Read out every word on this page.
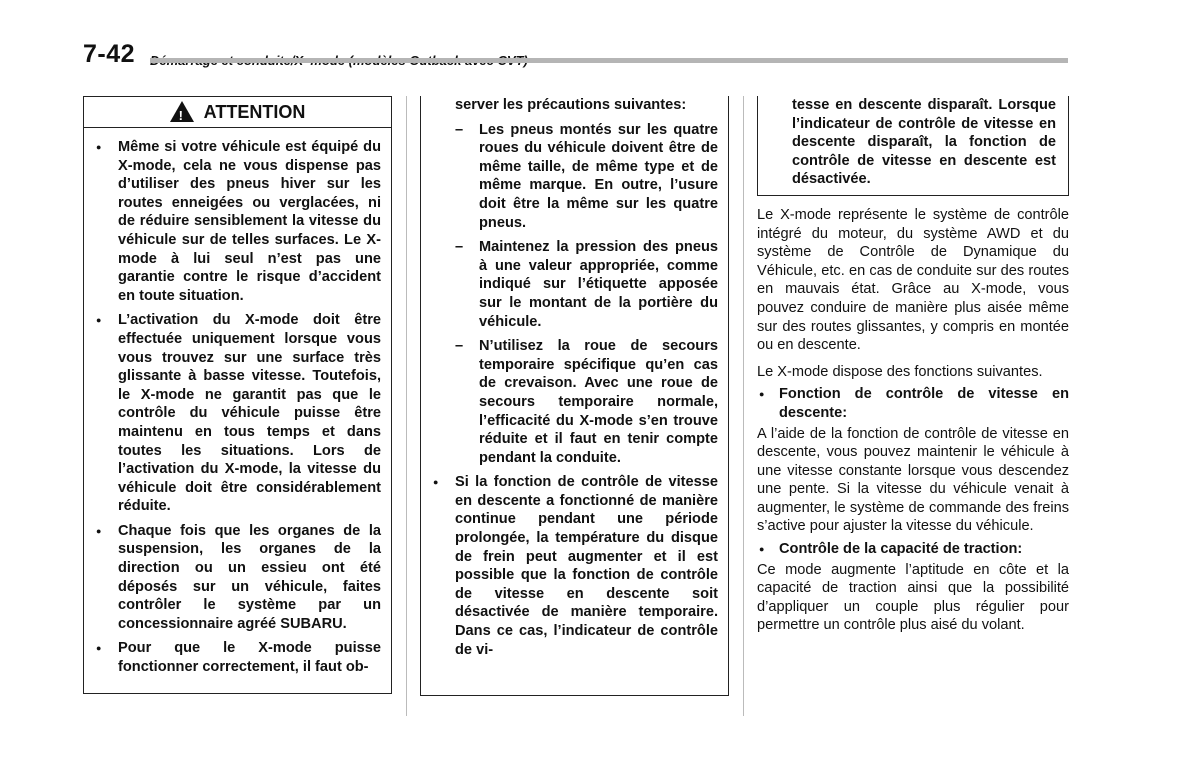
7-42
! ATTENTION

● Même si votre véhicule est équipé du X-mode, cela ne vous dispense pas d’utiliser des pneus hiver sur les routes enneigées ou verglacées, ni de réduire sensiblement la vitesse du véhicule sur de telles surfaces. Le X-mode à lui seul n’est pas une garantie contre le risque d’accident en toute situation.

● L’activation du X-mode doit être effectuée uniquement lorsque vous vous trouvez sur une surface très glissante à basse vitesse. Toutefois, le X-mode ne garantit pas que le contrôle du véhicule puisse être maintenu en tous temps et dans toutes les situations. Lors de l’activation du X-mode, la vitesse du véhicule doit être considérablement réduite.

● Chaque fois que les organes de la suspension, les organes de la direction ou un essieu ont été déposés sur un véhicule, faites contrôler le système par un concessionnaire agréé SUBARU.

● Pour que le X-mode puisse fonctionner correctement, il faut ob-

server les précautions suivantes:

– Les pneus montés sur les quatre roues du véhicule doivent être de même taille, de même type et de même marque. En outre, l’usure doit être la même sur les quatre pneus.

– Maintenez la pression des pneus à une valeur appropriée, comme indiqué sur l’étiquette apposée sur le montant de la portière du véhicule.

– N’utilisez la roue de secours temporaire spécifique qu’en cas de crevaison. Avec une roue de secours temporaire normale, l’efficacité du X-mode s’en trouve réduite et il faut en tenir compte pendant la conduite.

● Si la fonction de contrôle de vitesse en descente a fonctionné de manière continue pendant une période prolongée, la température du disque de frein peut augmenter et il est possible que la fonction de contrôle de vitesse en descente soit désactivée de manière temporaire. Dans ce cas, l’indicateur de contrôle de vi-

tesse en descente disparaît. Lorsque l’indicateur de contrôle de vitesse en descente disparaît, la fonction de contrôle de vitesse en descente est désactivée.

Le X-mode représente le système de contrôle intégré du moteur, du système AWD et du système de Contrôle de Dynamique du Véhicule, etc. en cas de conduite sur des routes en mauvais état. Grâce au X-mode, vous pouvez conduire de manière plus aisée même sur des routes glissantes, y compris en montée ou en descente.

Le X-mode dispose des fonctions suivantes.

● Fonction de contrôle de vitesse en descente:

A l’aide de la fonction de contrôle de vitesse en descente, vous pouvez maintenir le véhicule à une vitesse constante lorsque vous descendez une pente. Si la vitesse du véhicule venait à augmenter, le système de commande des freins s’active pour ajuster la vitesse du véhicule.

● Contrôle de la capacité de traction:

Ce mode augmente l’aptitude en côte et la capacité de traction ainsi que la possibilité d’appliquer un couple plus régulier pour permettre un contrôle plus aisé du volant.
